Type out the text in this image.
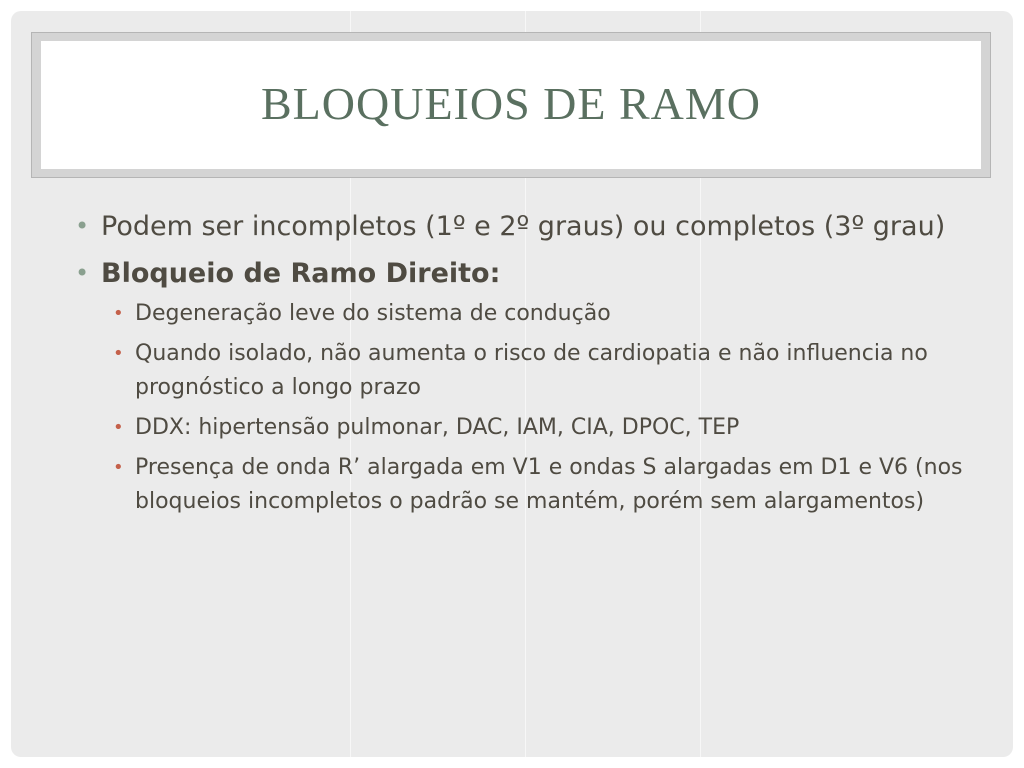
BLOQUEIOS DE RAMO
• Podem ser incompletos (1º e 2º graus) ou completos (3º grau)
• Bloqueio de Ramo Direito:
• Degeneração leve do sistema de condução
• Quando isolado, não aumenta o risco de cardiopatia e não influencia no prognóstico a longo prazo
• DDX: hipertensão pulmonar, DAC, IAM, CIA, DPOC, TEP
• Presença de onda R’ alargada em V1 e ondas S alargadas em D1 e V6 (nos bloqueios incompletos o padrão se mantém, porém sem alargamentos)
